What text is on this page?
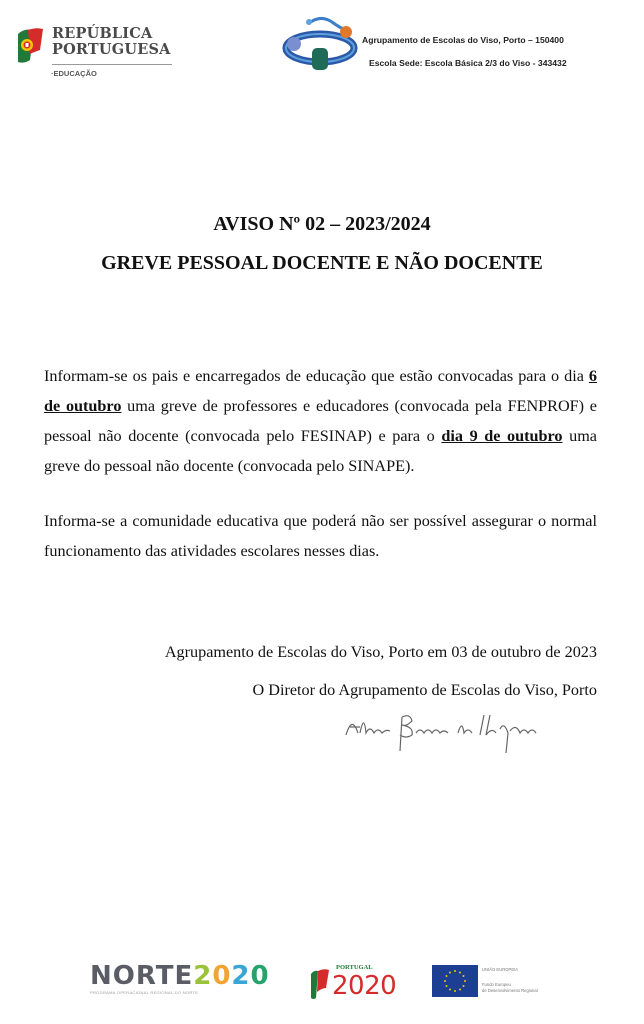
REPÚBLICA
PORTUGUESA
·EDUCAÇÃO
Agrupamento de Escolas do Viso, Porto – 150400
Escola Sede: Escola Básica 2/3 do Viso - 343432
AVISO Nº 02 – 2023/2024
GREVE PESSOAL DOCENTE E NÃO DOCENTE
Informam-se os pais e encarregados de educação que estão convocadas para o dia 6 de outubro uma greve de professores e educadores (convocada pela FENPROF) e pessoal não docente (convocada pelo FESINAP) e para o dia 9 de outubro uma greve do pessoal não docente (convocada pelo SINAPE).
Informa-se a comunidade educativa que poderá não ser possível assegurar o normal funcionamento das atividades escolares nesses dias.
Agrupamento de Escolas do Viso, Porto em 03 de outubro de 2023
O Diretor do Agrupamento de Escolas do Viso, Porto
NORTE2020
PROGRAMA OPERACIONAL REGIONAL DO NORTE
PORTUGAL
2020
UNIÃO EUROPEIA
Fundo Europeu
de Desenvolvimento Regional
